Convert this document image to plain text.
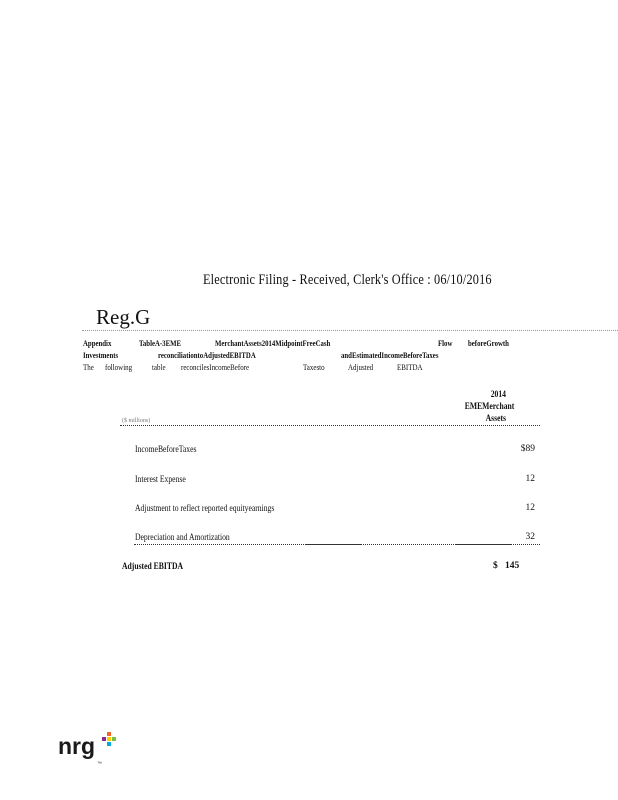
Electronic Filing - Received, Clerk's Office : 06/10/2016
Reg.G
Appendix	TableA-3EME	MerchantAssets2014MidpointFreeCash	Flow beforeGrowth
Investments	reconciliationtoAdjustedEBITDA	andEstimatedIncomeBeforeTaxes
The following table reconcilesIncomeBefore	Taxesto	Adjusted	EBITDA
2014
EMEMerchant
Assets
($ millions)
IncomeBeforeTaxes	$89
Interest Expense	12
Adjustment to reflect reported equityearnings	12
Depreciation and Amortization	32
Adjusted EBITDA	$ 145
nrg
™
